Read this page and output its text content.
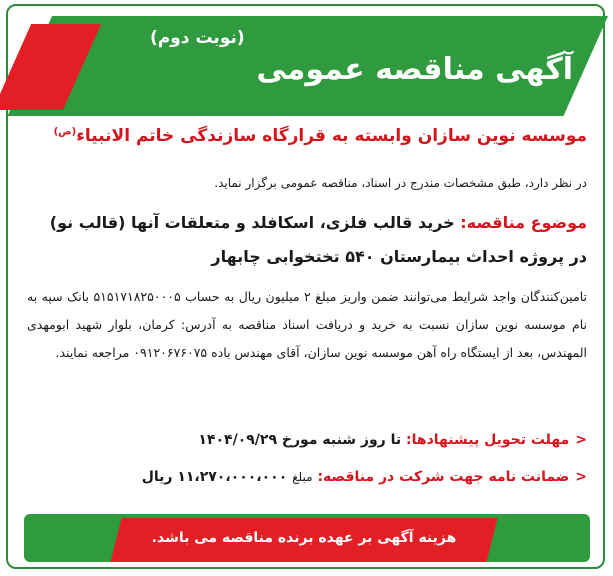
(نوبت دوم)
آگهی مناقصه عمومی
موسسه نوین سازان وابسته به قرارگاه سازندگی خاتم الانبیاء$^{(ص)}$
در نظر دارد، طبق مشخصات مندرج در اسناد، مناقصه عمومی برگزار نماید.
موضوع مناقصه: خرید قالب فلزی، اسکافلد و متعلقات آنها (قالب نو) در پروژه احداث بیمارستان ۵۴۰ تختخوابی چابهار
تامین‌کنندگان واجد شرایط می‌توانند ضمن واریز مبلغ ۲ میلیون ریال به حساب ۵۱۵۱۷۱۸۲۵۰۰۰۵ بانک سپه به نام موسسه نوین سازان نسبت به خرید و دریافت اسناد مناقصه به آدرس: کرمان، بلوار شهید ابومهدی المهندس، بعد از ایستگاه راه آهن موسسه نوین سازان، آقای مهندس باده ۰۹۱۲۰۶۷۶۰۷۵ مراجعه نمایند.
<مهلت تحویل پیشنهادها: تا روز شنبه مورخ ۱۴۰۴/۰۹/۲۹
<ضمانت نامه جهت شرکت در مناقصه: مبلغ ۱۱،۲۷۰،۰۰۰،۰۰۰ ریال
هزینه آگهی بر عهده برنده مناقصه می باشد.
